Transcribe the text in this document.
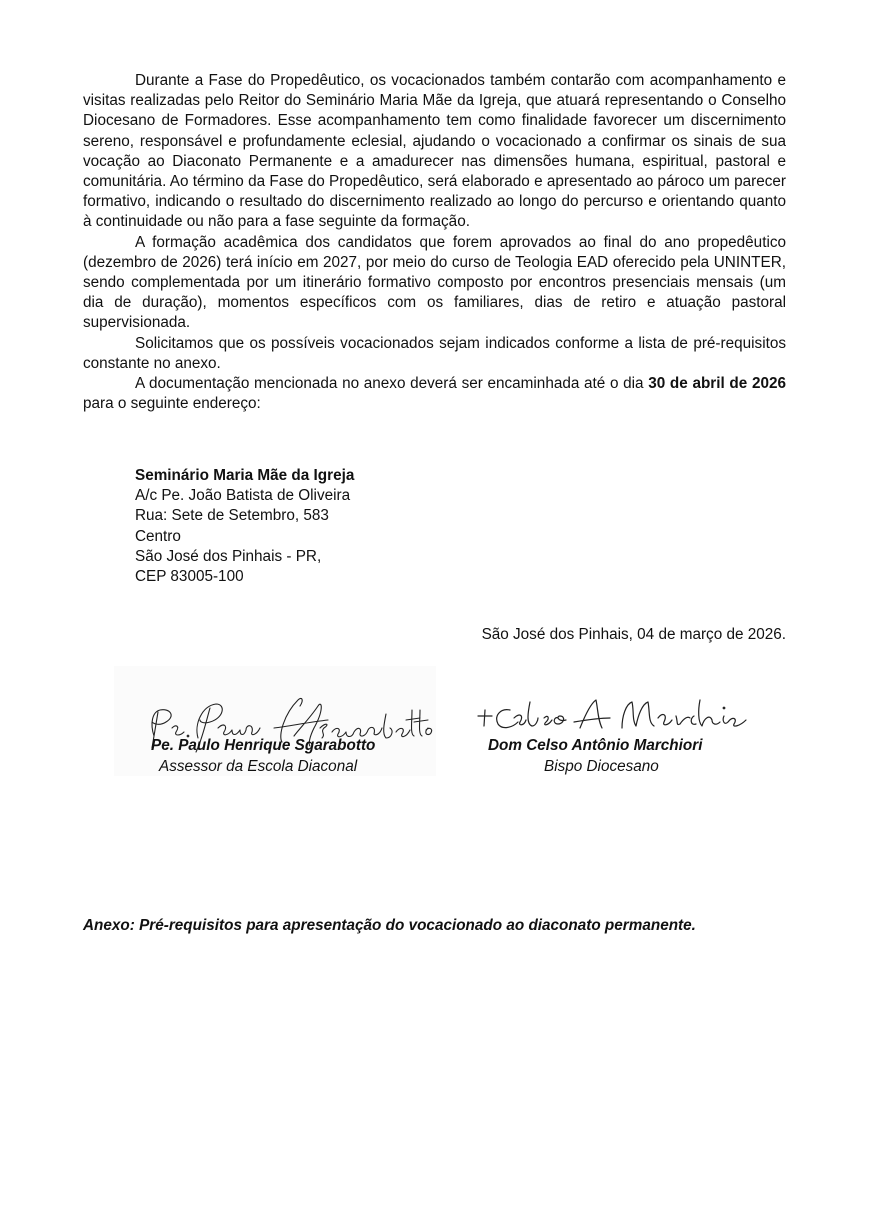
Durante a Fase do Propedêutico, os vocacionados também contarão com acompanhamento e visitas realizadas pelo Reitor do Seminário Maria Mãe da Igreja, que atuará representando o Conselho Diocesano de Formadores. Esse acompanhamento tem como finalidade favorecer um discernimento sereno, responsável e profundamente eclesial, ajudando o vocacionado a confirmar os sinais de sua vocação ao Diaconato Permanente e a amadurecer nas dimensões humana, espiritual, pastoral e comunitária. Ao término da Fase do Propedêutico, será elaborado e apresentado ao pároco um parecer formativo, indicando o resultado do discernimento realizado ao longo do percurso e orientando quanto à continuidade ou não para a fase seguinte da formação.

A formação acadêmica dos candidatos que forem aprovados ao final do ano propedêutico (dezembro de 2026) terá início em 2027, por meio do curso de Teologia EAD oferecido pela UNINTER, sendo complementada por um itinerário formativo composto por encontros presenciais mensais (um dia de duração), momentos específicos com os familiares, dias de retiro e atuação pastoral supervisionada.

Solicitamos que os possíveis vocacionados sejam indicados conforme a lista de pré-requisitos constante no anexo.

A documentação mencionada no anexo deverá ser encaminhada até o dia 30 de abril de 2026 para o seguinte endereço:

Seminário Maria Mãe da Igreja
A/c Pe. João Batista de Oliveira
Rua: Sete de Setembro, 583
Centro
São José dos Pinhais - PR,
CEP 83005-100
São José dos Pinhais, 04 de março de 2026.
Pe. Paulo Henrique Sgarabotto
Assessor da Escola Diaconal
Dom Celso Antônio Marchiori
Bispo Diocesano
Anexo: Pré-requisitos para apresentação do vocacionado ao diaconato permanente.
